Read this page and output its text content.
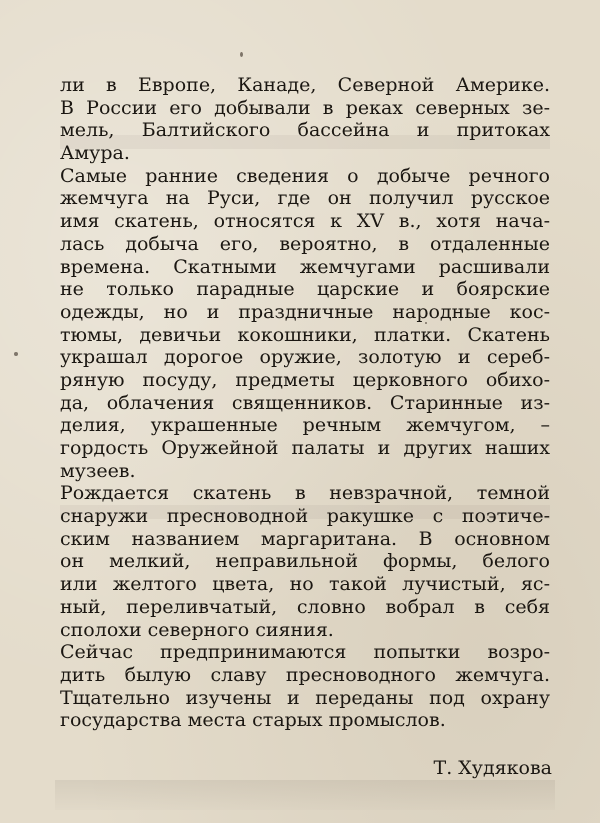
ли в Европе, Канаде, Северной Америке.
В России его добывали в реках северных зе-
мель, Балтийского бассейна и притоках
Амура.
Самые ранние сведения о добыче речного
жемчуга на Руси, где он получил русское
имя скатень, относятся к XV в., хотя нача-
лась добыча его, вероятно, в отдаленные
времена. Скатными жемчугами расшивали
не только парадные царские и боярские
одежды, но и праздничные народные кос-
тюмы, девичьи кокошники, платки. Скатень
украшал дорогое оружие, золотую и сереб-
ряную посуду, предметы церковного обихо-
да, облачения священников. Старинные из-
делия, украшенные речным жемчугом, –
гордость Оружейной палаты и других наших
музеев.
Рождается скатень в невзрачной, темной
снаружи пресноводной ракушке с поэтиче-
ским названием маргаритана. В основном
он мелкий, неправильной формы, белого
или желтого цвета, но такой лучистый, яс-
ный, переливчатый, словно вобрал в себя
сполохи северного сияния.
Сейчас предпринимаются попытки возро-
дить былую славу пресноводного жемчуга.
Тщательно изучены и переданы под охрану
государства места старых промыслов.
Т. Худякова
